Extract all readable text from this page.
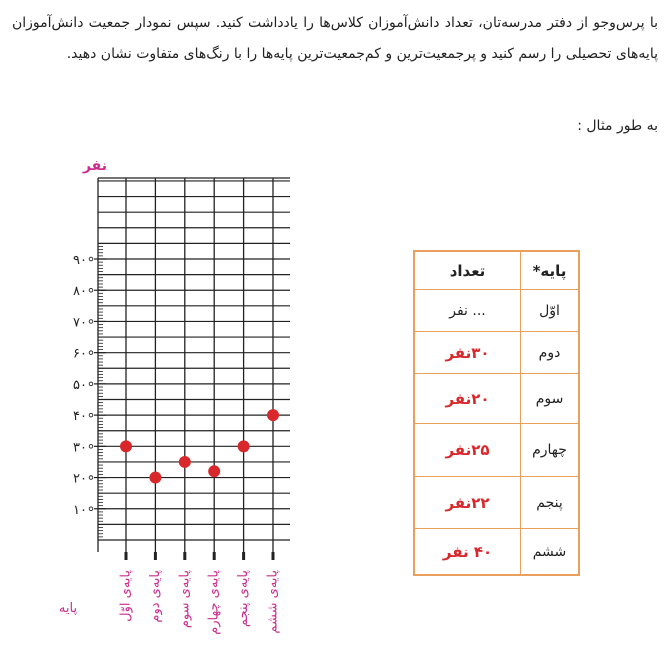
با پرس‌وجو از دفتر مدرسه‌تان، تعداد دانش‌آموزان کلاس‌ها را یادداشت کنید. سپس نمودار جمعیت دانش‌آموزان پایه‌های تحصیلی را رسم کنید و پرجمعیت‌ترین و کم‌جمعیت‌ترین پایه‌ها را با رنگ‌های متفاوت نشان دهید.
به طور مثال :
۱۰
۲۰
۳۰
۴۰
۵۰
۶۰
۷۰
۸۰
۹۰
پایه‌ی اوّل پایه‌ی دوم پایه‌ی سوم پایه‌ی چهارم پایه‌ی پنجم پایه‌ی ششم
نفر
پایه
پایه*
تعداد
اوّل
... نفر
دوم
۳۰نفر
سوم
۲۰نفر
چهارم
۲۵نفر
پنجم
۲۲نفر
ششم
۴۰ نفر
